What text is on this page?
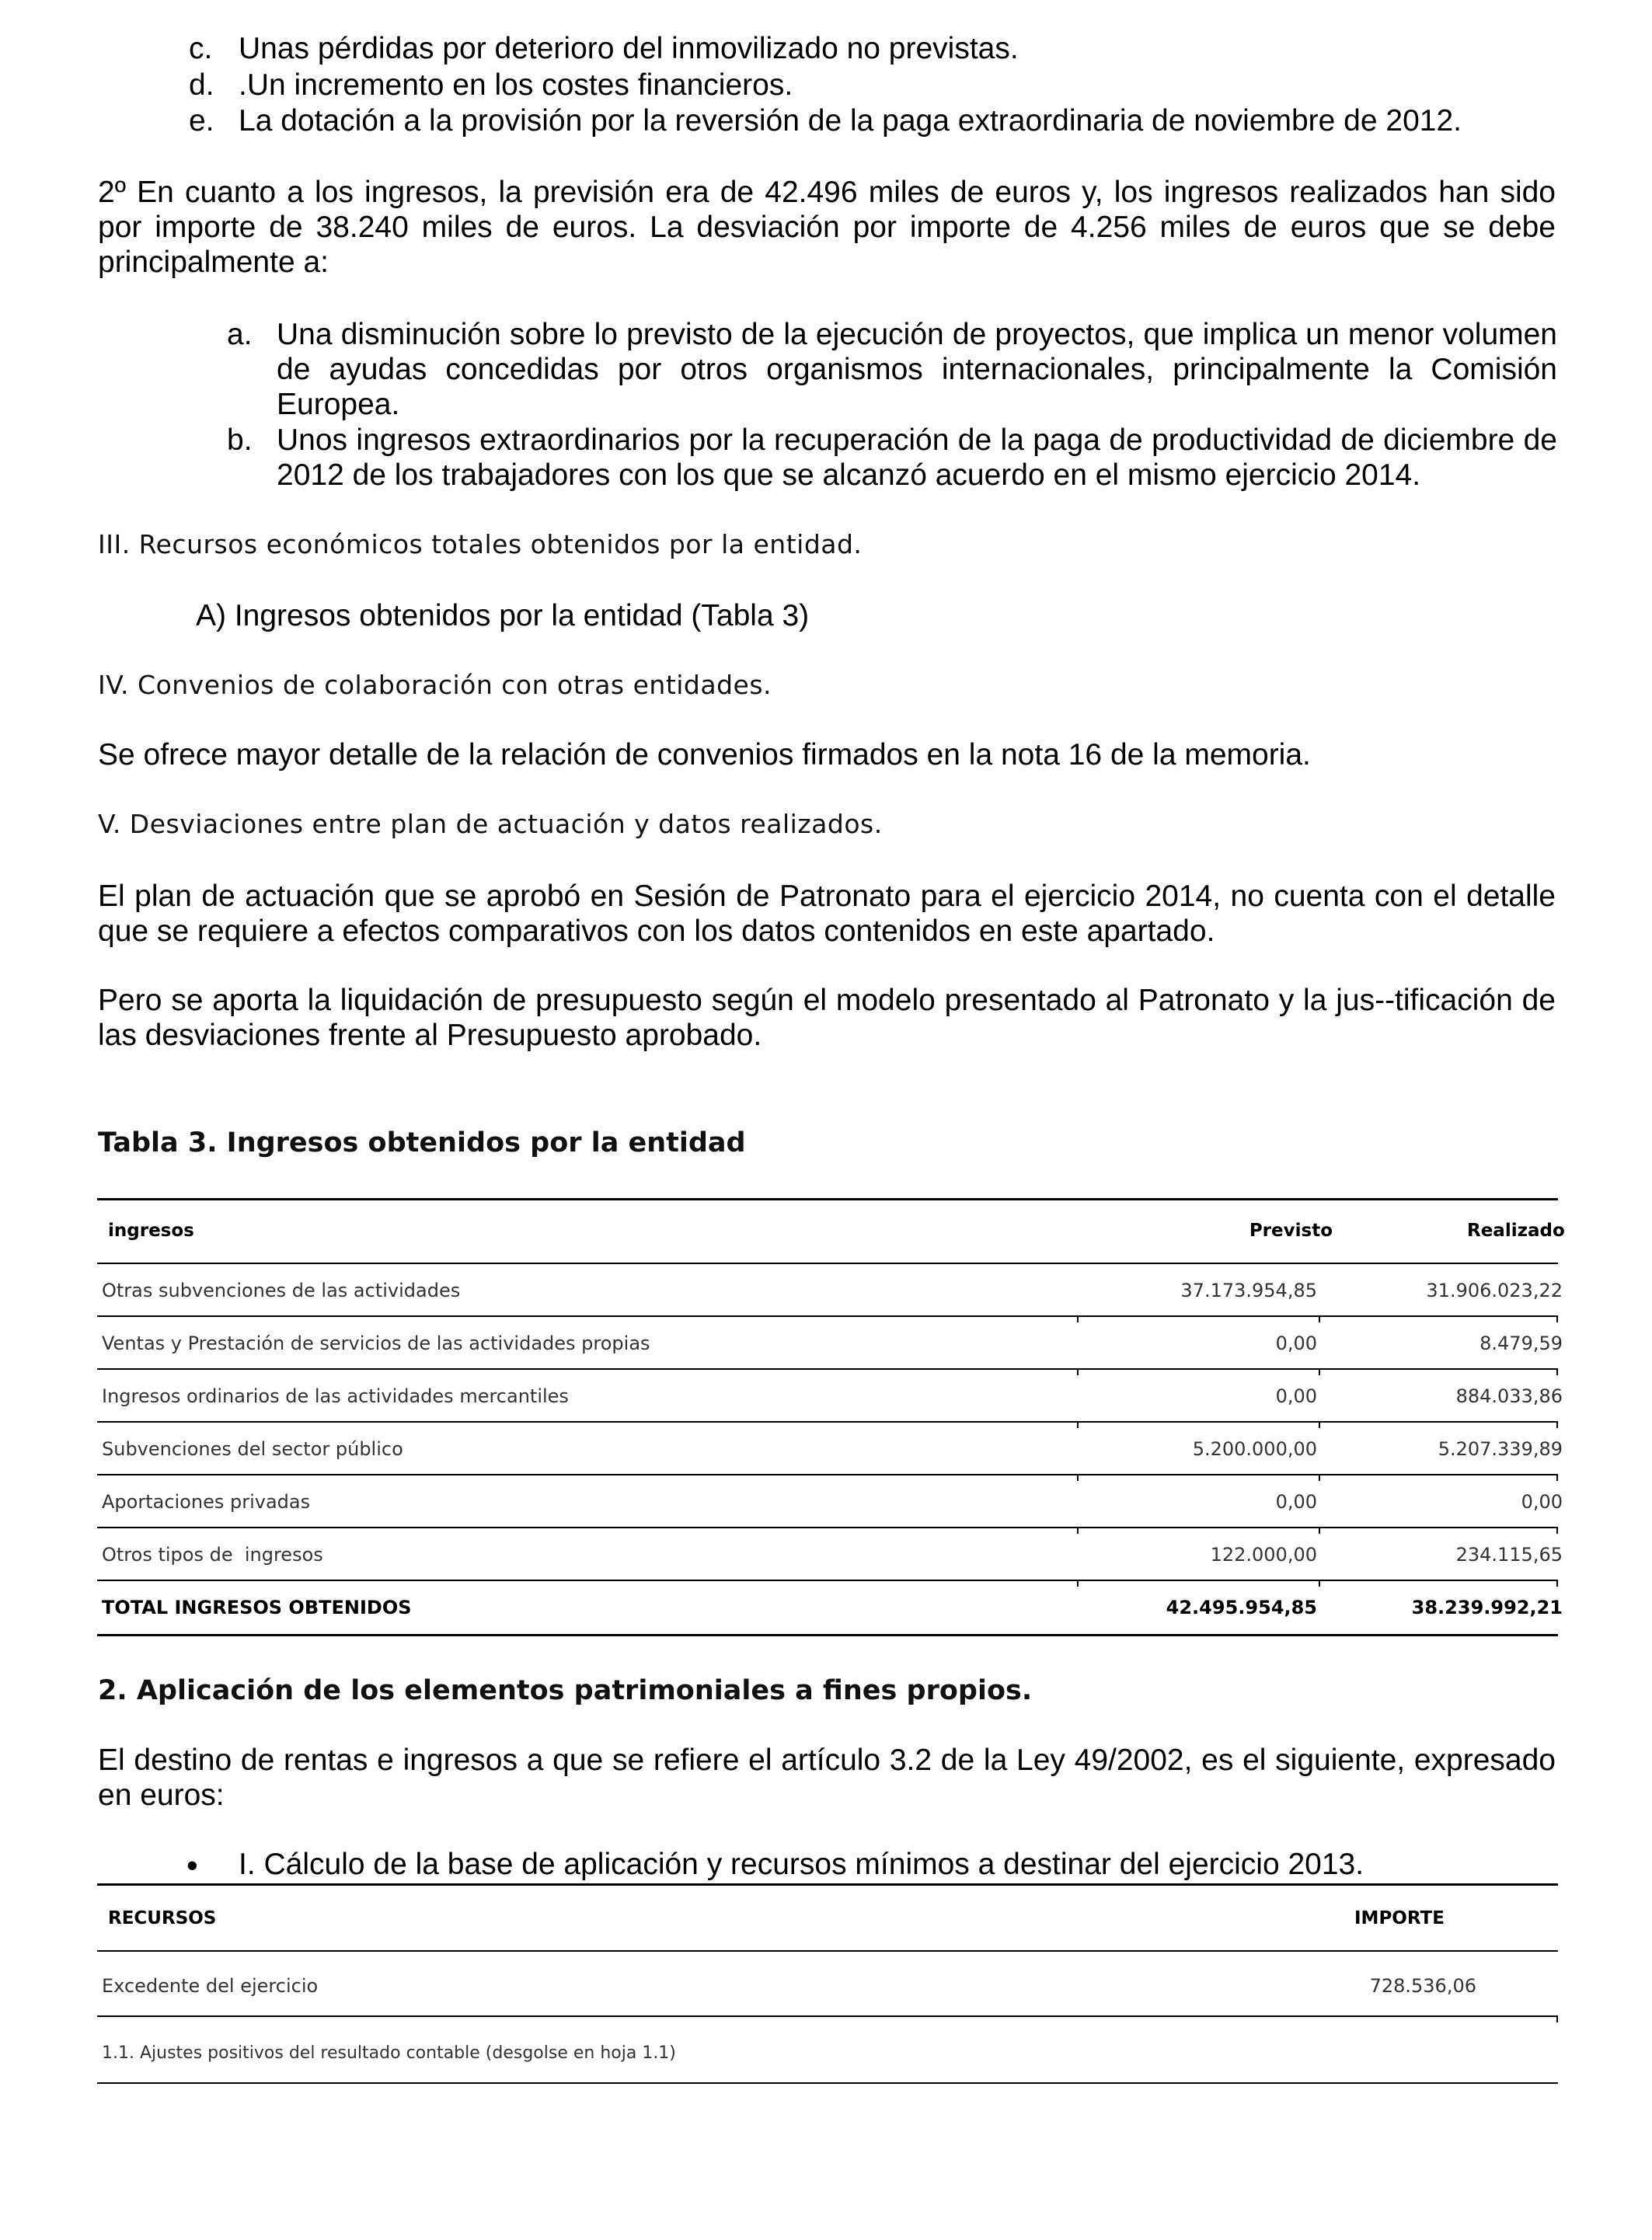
c. Unas pérdidas por deterioro del inmovilizado no previstas.
d. .Un incremento en los costes financieros.
e. La dotación a la provisión por la reversión de la paga extraordinaria de noviembre de 2012.
2º En cuanto a los ingresos, la previsión era de 42.496 miles de euros y, los ingresos realizados han sido por importe de 38.240 miles de euros. La desviación por importe de 4.256 miles de euros que se debe principalmente a:
a. Una disminución sobre lo previsto de la ejecución de proyectos, que implica un menor volumen de ayudas concedidas por otros organismos internacionales, principalmente la Comisión Europea.
b. Unos ingresos extraordinarios por la recuperación de la paga de productividad de diciembre de 2012 de los trabajadores con los que se alcanzó acuerdo en el mismo ejercicio 2014.
III. Recursos económicos totales obtenidos por la entidad.
A) Ingresos obtenidos por la entidad (Tabla 3)
IV. Convenios de colaboración con otras entidades.
Se ofrece mayor detalle de la relación de convenios firmados en la nota 16 de la memoria.
V. Desviaciones entre plan de actuación y datos realizados.
El plan de actuación que se aprobó en Sesión de Patronato para el ejercicio 2014, no cuenta con el detalle que se requiere a efectos comparativos con los datos contenidos en este apartado.
Pero se aporta la liquidación de presupuesto según el modelo presentado al Patronato y la jus--tificación de las desviaciones frente al Presupuesto aprobado.
Tabla 3. Ingresos obtenidos por la entidad
ingresos	Previsto	Realizado
Otras subvenciones de las actividades	37.173.954,85	31.906.023,22
Ventas y Prestación de servicios de las actividades propias	0,00	8.479,59
Ingresos ordinarios de las actividades mercantiles	0,00	884.033,86
Subvenciones del sector público	5.200.000,00	5.207.339,89
Aportaciones privadas	0,00	0,00
Otros tipos de  ingresos	122.000,00	234.115,65
TOTAL INGRESOS OBTENIDOS	42.495.954,85	38.239.992,21
2. Aplicación de los elementos patrimoniales a fines propios.
El destino de rentas e ingresos a que se refiere el artículo 3.2 de la Ley 49/2002, es el siguiente, expresado en euros:
• I. Cálculo de la base de aplicación y recursos mínimos a destinar del ejercicio 2013.
RECURSOS	IMPORTE
Excedente del ejercicio	728.536,06
1.1. Ajustes positivos del resultado contable (desgolse en hoja 1.1)
